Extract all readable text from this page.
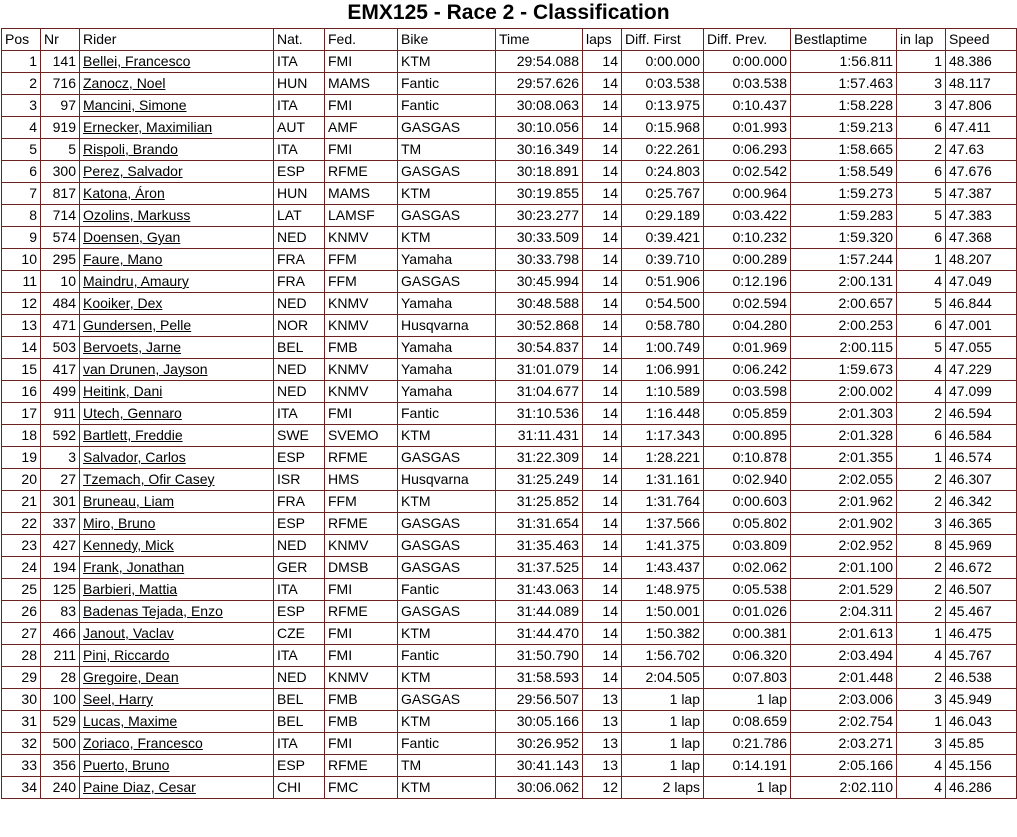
EMX125 - Race 2 - Classification
Pos	Nr	Rider	Nat.	Fed.	Bike	Time	laps	Diff. First	Diff. Prev.	Bestlaptime	in lap	Speed
1	141	Bellei, Francesco	ITA	FMI	KTM	29:54.088	14	0:00.000	0:00.000	1:56.811	1	48.386
2	716	Zanocz, Noel	HUN	MAMS	Fantic	29:57.626	14	0:03.538	0:03.538	1:57.463	3	48.117
3	97	Mancini, Simone	ITA	FMI	Fantic	30:08.063	14	0:13.975	0:10.437	1:58.228	3	47.806
4	919	Ernecker, Maximilian	AUT	AMF	GASGAS	30:10.056	14	0:15.968	0:01.993	1:59.213	6	47.411
5	5	Rispoli, Brando	ITA	FMI	TM	30:16.349	14	0:22.261	0:06.293	1:58.665	2	47.63
6	300	Perez, Salvador	ESP	RFME	GASGAS	30:18.891	14	0:24.803	0:02.542	1:58.549	6	47.676
7	817	Katona, Áron	HUN	MAMS	KTM	30:19.855	14	0:25.767	0:00.964	1:59.273	5	47.387
8	714	Ozolins, Markuss	LAT	LAMSF	GASGAS	30:23.277	14	0:29.189	0:03.422	1:59.283	5	47.383
9	574	Doensen, Gyan	NED	KNMV	KTM	30:33.509	14	0:39.421	0:10.232	1:59.320	6	47.368
10	295	Faure, Mano	FRA	FFM	Yamaha	30:33.798	14	0:39.710	0:00.289	1:57.244	1	48.207
11	10	Maindru, Amaury	FRA	FFM	GASGAS	30:45.994	14	0:51.906	0:12.196	2:00.131	4	47.049
12	484	Kooiker, Dex	NED	KNMV	Yamaha	30:48.588	14	0:54.500	0:02.594	2:00.657	5	46.844
13	471	Gundersen, Pelle	NOR	KNMV	Husqvarna	30:52.868	14	0:58.780	0:04.280	2:00.253	6	47.001
14	503	Bervoets, Jarne	BEL	FMB	Yamaha	30:54.837	14	1:00.749	0:01.969	2:00.115	5	47.055
15	417	van Drunen, Jayson	NED	KNMV	Yamaha	31:01.079	14	1:06.991	0:06.242	1:59.673	4	47.229
16	499	Heitink, Dani	NED	KNMV	Yamaha	31:04.677	14	1:10.589	0:03.598	2:00.002	4	47.099
17	911	Utech, Gennaro	ITA	FMI	Fantic	31:10.536	14	1:16.448	0:05.859	2:01.303	2	46.594
18	592	Bartlett, Freddie	SWE	SVEMO	KTM	31:11.431	14	1:17.343	0:00.895	2:01.328	6	46.584
19	3	Salvador, Carlos	ESP	RFME	GASGAS	31:22.309	14	1:28.221	0:10.878	2:01.355	1	46.574
20	27	Tzemach, Ofir Casey	ISR	HMS	Husqvarna	31:25.249	14	1:31.161	0:02.940	2:02.055	2	46.307
21	301	Bruneau, Liam	FRA	FFM	KTM	31:25.852	14	1:31.764	0:00.603	2:01.962	2	46.342
22	337	Miro, Bruno	ESP	RFME	GASGAS	31:31.654	14	1:37.566	0:05.802	2:01.902	3	46.365
23	427	Kennedy, Mick	NED	KNMV	GASGAS	31:35.463	14	1:41.375	0:03.809	2:02.952	8	45.969
24	194	Frank, Jonathan	GER	DMSB	GASGAS	31:37.525	14	1:43.437	0:02.062	2:01.100	2	46.672
25	125	Barbieri, Mattia	ITA	FMI	Fantic	31:43.063	14	1:48.975	0:05.538	2:01.529	2	46.507
26	83	Badenas Tejada, Enzo	ESP	RFME	GASGAS	31:44.089	14	1:50.001	0:01.026	2:04.311	2	45.467
27	466	Janout, Vaclav	CZE	FMI	KTM	31:44.470	14	1:50.382	0:00.381	2:01.613	1	46.475
28	211	Pini, Riccardo	ITA	FMI	Fantic	31:50.790	14	1:56.702	0:06.320	2:03.494	4	45.767
29	28	Gregoire, Dean	NED	KNMV	KTM	31:58.593	14	2:04.505	0:07.803	2:01.448	2	46.538
30	100	Seel, Harry	BEL	FMB	GASGAS	29:56.507	13	1 lap	1 lap	2:03.006	3	45.949
31	529	Lucas, Maxime	BEL	FMB	KTM	30:05.166	13	1 lap	0:08.659	2:02.754	1	46.043
32	500	Zoriaco, Francesco	ITA	FMI	Fantic	30:26.952	13	1 lap	0:21.786	2:03.271	3	45.85
33	356	Puerto, Bruno	ESP	RFME	TM	30:41.143	13	1 lap	0:14.191	2:05.166	4	45.156
34	240	Paine Diaz, Cesar	CHI	FMC	KTM	30:06.062	12	2 laps	1 lap	2:02.110	4	46.286
